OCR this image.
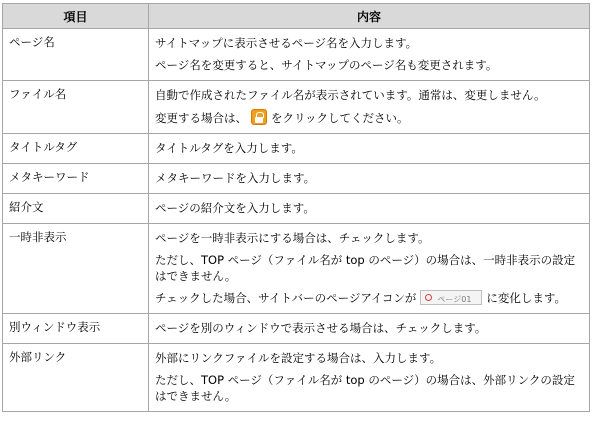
項目	内容
ページ名	サイトマップに表示させるページ名を入力します。
ページ名を変更すると、サイトマップのページ名も変更されます。

ファイル名	自動で作成されたファイル名が表示されています。通常は、変更しません。
変更する場合は、 をクリックしてください。

タイトルタグ	タイトルタグを入力します。

メタキーワード	メタキーワードを入力します。

紹介文	ページの紹介文を入力します。

一時非表示	ページを一時非表示にする場合は、チェックします。
ただし、TOP ページ（ファイル名が top のページ）の場合は、一時非表示の設定はできません。
チェックした場合、サイトバーのページアイコンが ページ01 に変化します。

別ウィンドウ表示	ページを別のウィンドウで表示させる場合は、チェックします。

外部リンク	外部にリンクファイルを設定する場合は、入力します。
ただし、TOP ページ（ファイル名が top のページ）の場合は、外部リンクの設定はできません。
